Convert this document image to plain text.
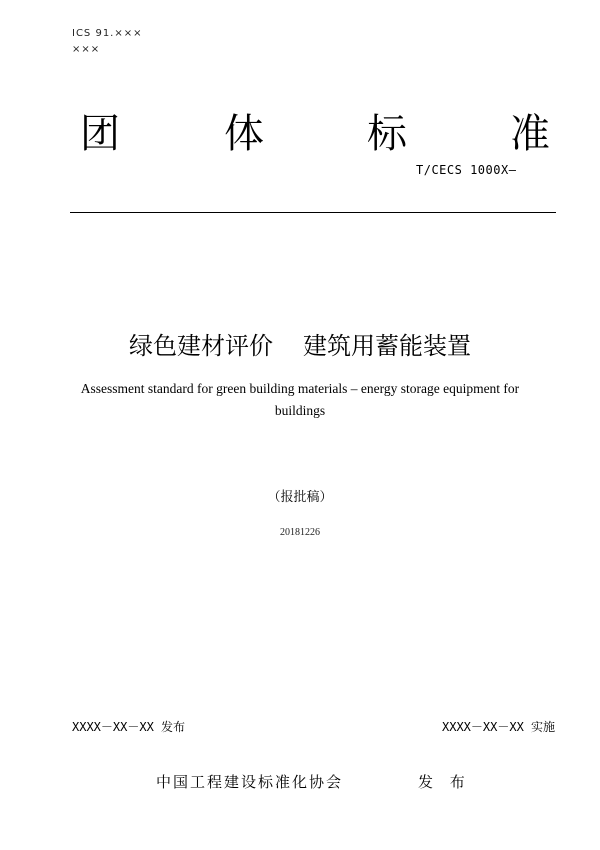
ICS 91.×××
×××
团	体	标	准
T/CECS 1000X—
绿色建材评价 建筑用蓄能装置
Assessment standard for green building materials – energy storage equipment for buildings
（报批稿）
20181226
XXXX－XX－XX 发布	XXXX－XX－XX 实施
中国工程建设标准化协会	发 布
